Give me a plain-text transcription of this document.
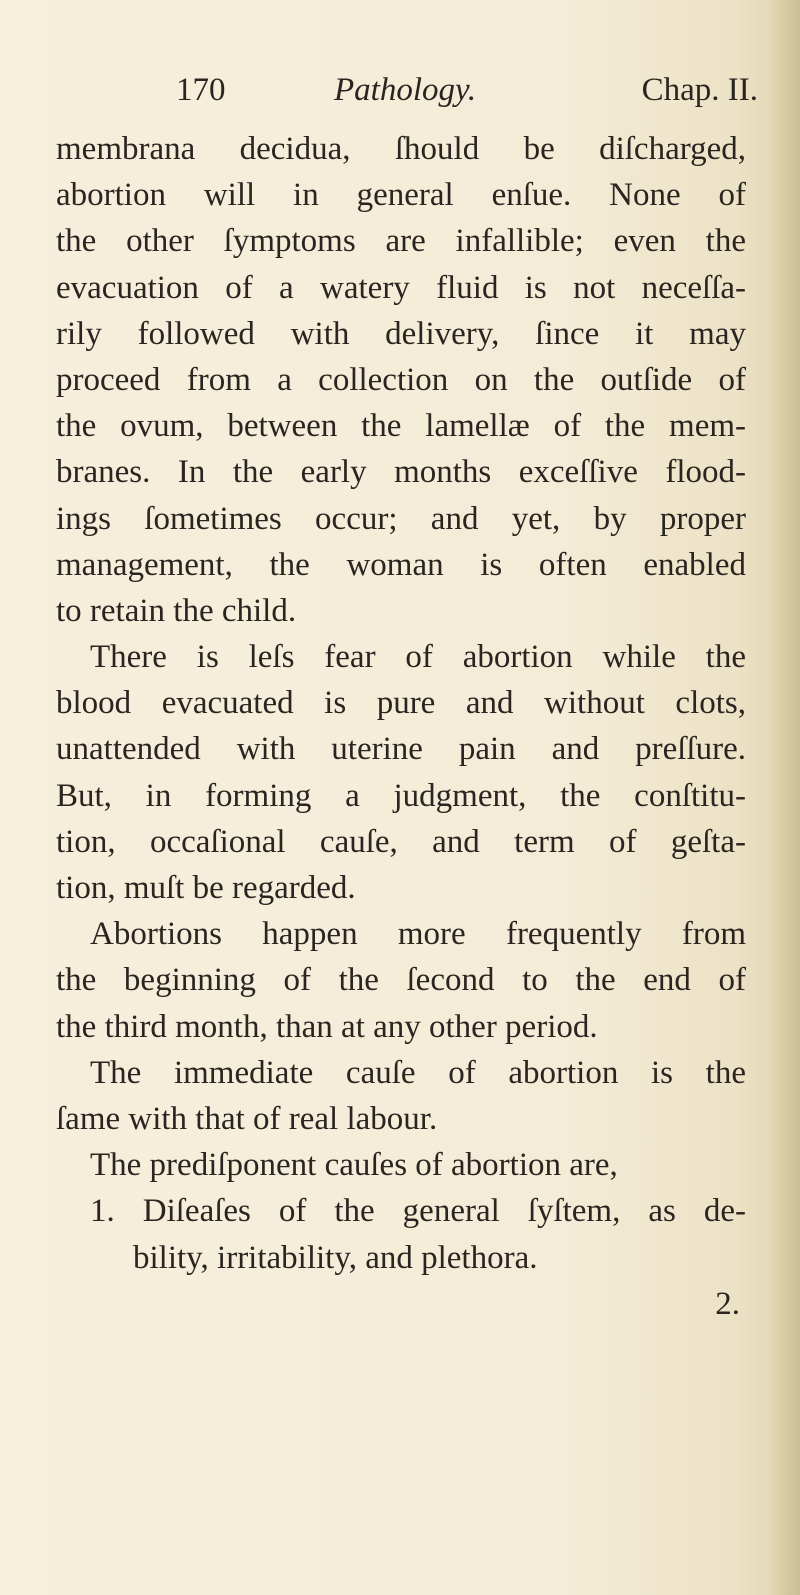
170	Pathology.	Chap. II.
membrana decidua, ſhould be diſcharged,
abortion will in general enſue. None of
the other ſymptoms are infallible; even the
evacuation of a watery fluid is not neceſſa-
rily followed with delivery, ſince it may
proceed from a collection on the outſide of
the ovum, between the lamellæ of the mem-
branes. In the early months exceſſive flood-
ings ſometimes occur; and yet, by proper
management, the woman is often enabled
to retain the child.
There is leſs fear of abortion while the
blood evacuated is pure and without clots,
unattended with uterine pain and preſſure.
But, in forming a judgment, the conſtitu-
tion, occaſional cauſe, and term of geſta-
tion, muſt be regarded.
Abortions happen more frequently from
the beginning of the ſecond to the end of
the third month, than at any other period.
The immediate cauſe of abortion is the
ſame with that of real labour.
The prediſponent cauſes of abortion are,
1. Diſeaſes of the general ſyſtem, as de-
bility, irritability, and plethora.
2.
